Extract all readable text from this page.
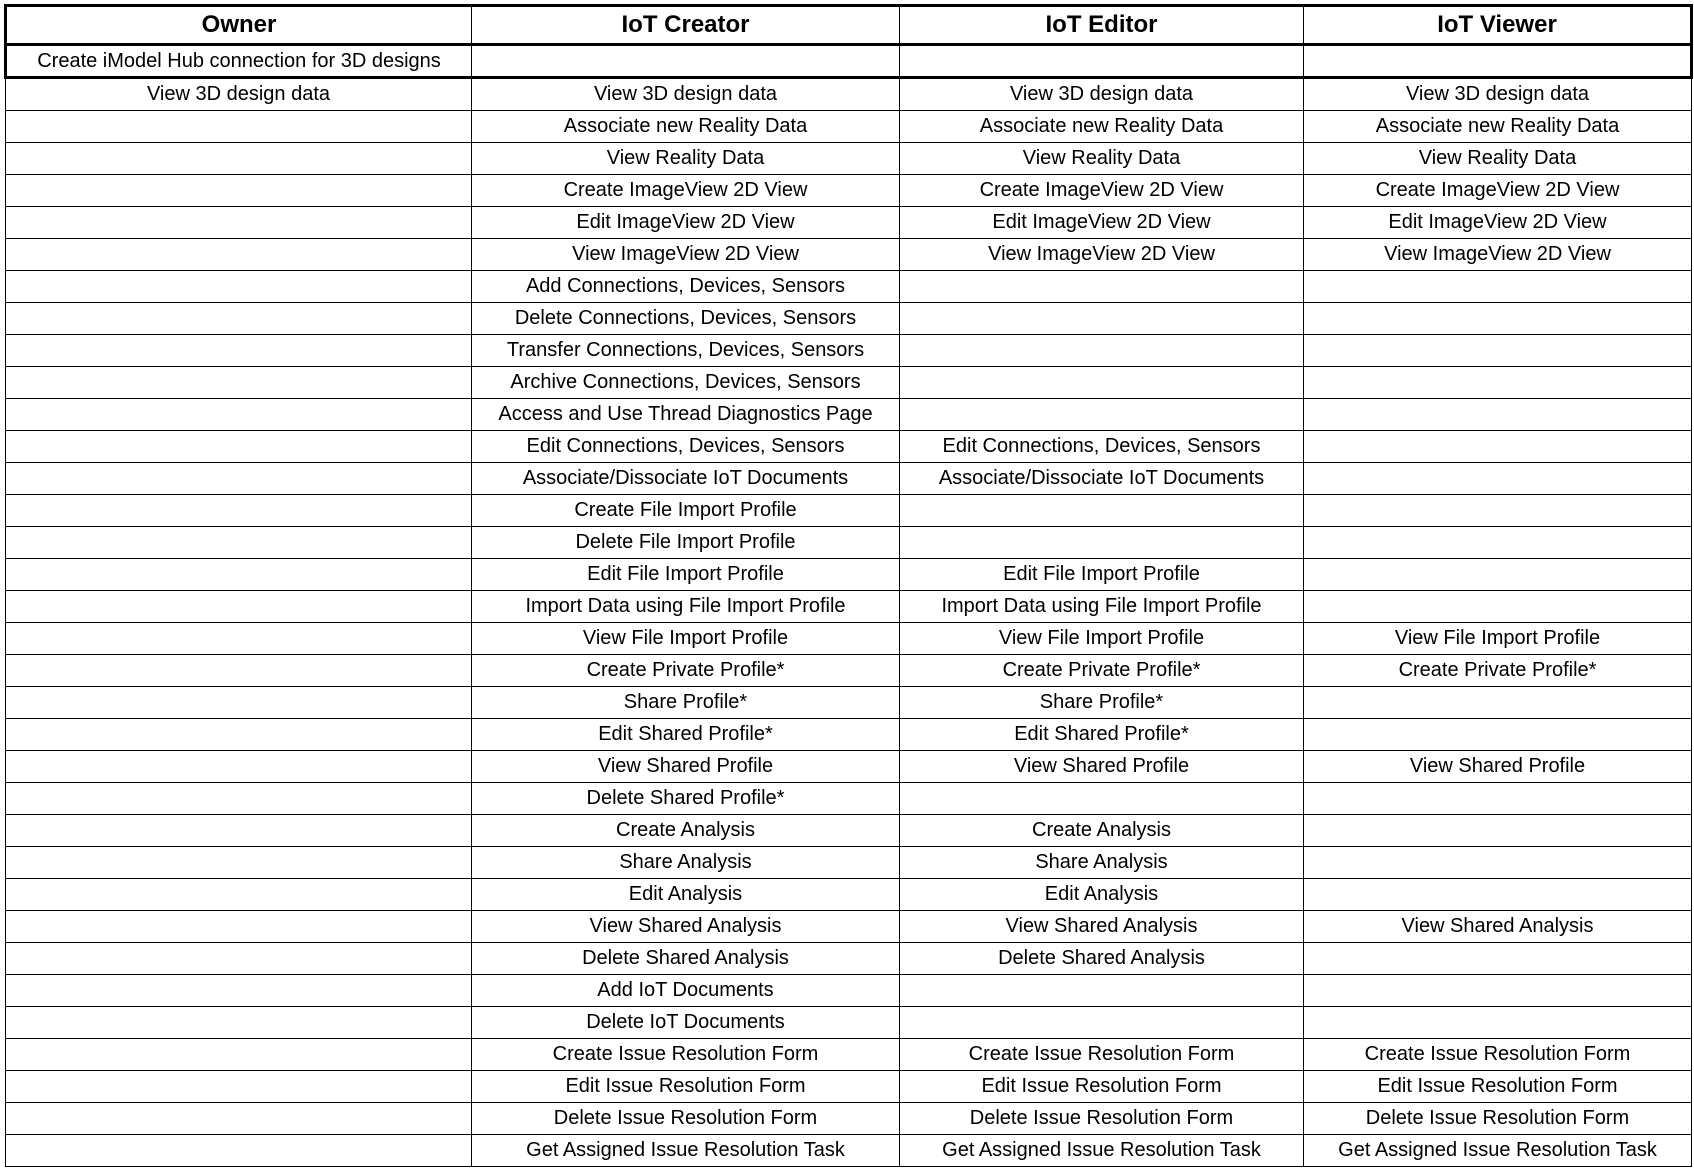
Owner	IoT Creator	IoT Editor	IoT Viewer
Create iModel Hub connection for 3D designs			
View 3D design data	View 3D design data	View 3D design data	View 3D design data
	Associate new Reality Data	Associate new Reality Data	Associate new Reality Data
	View Reality Data	View Reality Data	View Reality Data
	Create ImageView 2D View	Create ImageView 2D View	Create ImageView 2D View
	Edit ImageView 2D View	Edit ImageView 2D View	Edit ImageView 2D View
	View ImageView 2D View	View ImageView 2D View	View ImageView 2D View
	Add Connections, Devices, Sensors		
	Delete Connections, Devices, Sensors		
	Transfer Connections, Devices, Sensors		
	Archive Connections, Devices, Sensors		
	Access and Use Thread Diagnostics Page		
	Edit Connections, Devices, Sensors	Edit Connections, Devices, Sensors	
	Associate/Dissociate IoT Documents	Associate/Dissociate IoT Documents	
	Create File Import Profile		
	Delete File Import Profile		
	Edit File Import Profile	Edit File Import Profile	
	Import Data using File Import Profile	Import Data using File Import Profile	
	View File Import Profile	View File Import Profile	View File Import Profile
	Create Private Profile*	Create Private Profile*	Create Private Profile*
	Share Profile*	Share Profile*	
	Edit Shared Profile*	Edit Shared Profile*	
	View Shared Profile	View Shared Profile	View Shared Profile
	Delete Shared Profile*		
	Create Analysis	Create Analysis	
	Share Analysis	Share Analysis	
	Edit Analysis	Edit Analysis	
	View Shared Analysis	View Shared Analysis	View Shared Analysis
	Delete Shared Analysis	Delete Shared Analysis	
	Add IoT Documents		
	Delete IoT Documents		
	Create Issue Resolution Form	Create Issue Resolution Form	Create Issue Resolution Form
	Edit Issue Resolution Form	Edit Issue Resolution Form	Edit Issue Resolution Form
	Delete Issue Resolution Form	Delete Issue Resolution Form	Delete Issue Resolution Form
	Get Assigned Issue Resolution Task	Get Assigned Issue Resolution Task	Get Assigned Issue Resolution Task
